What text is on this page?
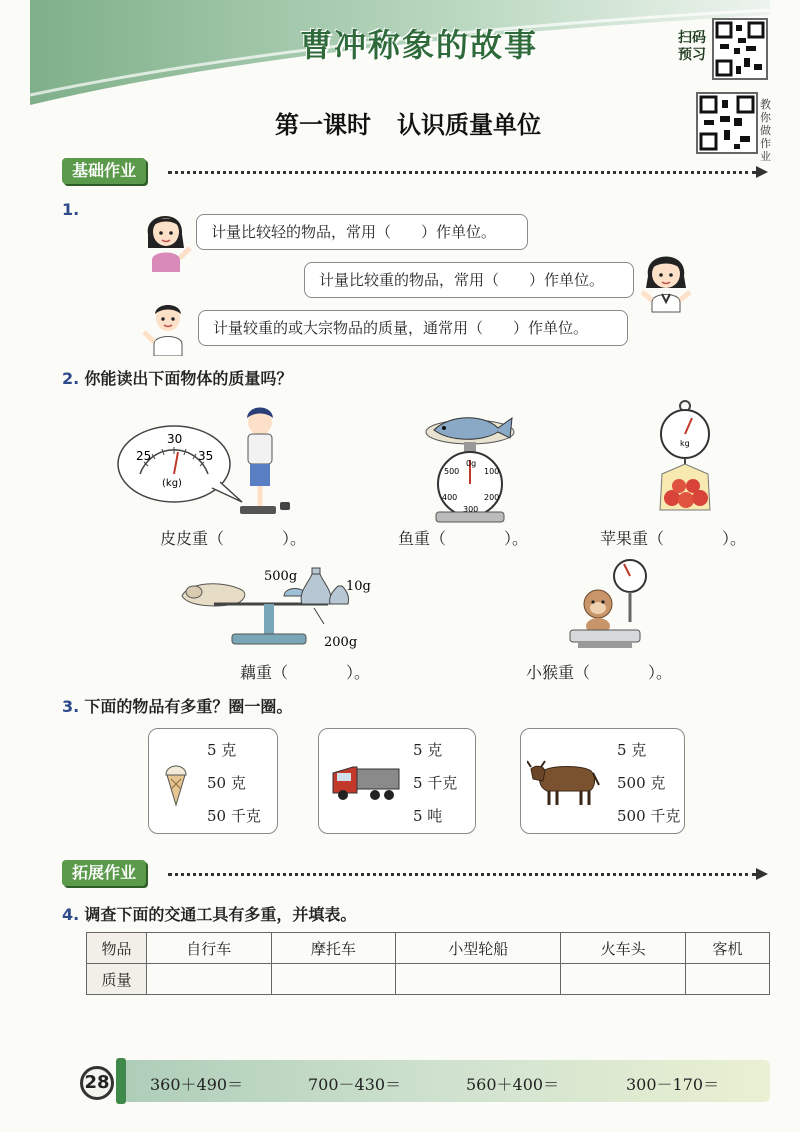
曹冲称象的故事	扫码预习
教你做作业
第一课时 认识质量单位
基础作业
1.
计量比较轻的物品，常用（　　）作单位。
计量比较重的物品，常用（　　）作单位。
计量较重的或大宗物品的质量，通常用（　　）作单位。
2. 你能读出下面物体的质量吗？
25
30
35
(kg)
0g
500	100
400	200
300
kg
皮皮重（	）。	鱼重（	）。	苹果重（	）。
500g
10g
200g
藕重（	）。	小猴重（	）。
3. 下面的物品有多重？圈一圈。
5 克
50 克
50 千克
5 克
5 千克
5 吨
5 克
500 克
500 千克
拓展作业
4. 调查下面的交通工具有多重，并填表。
物品	自行车	摩托车	小型轮船	火车头	客机
质量					
28	360＋490＝	700－430＝	560＋400＝	300－170＝
